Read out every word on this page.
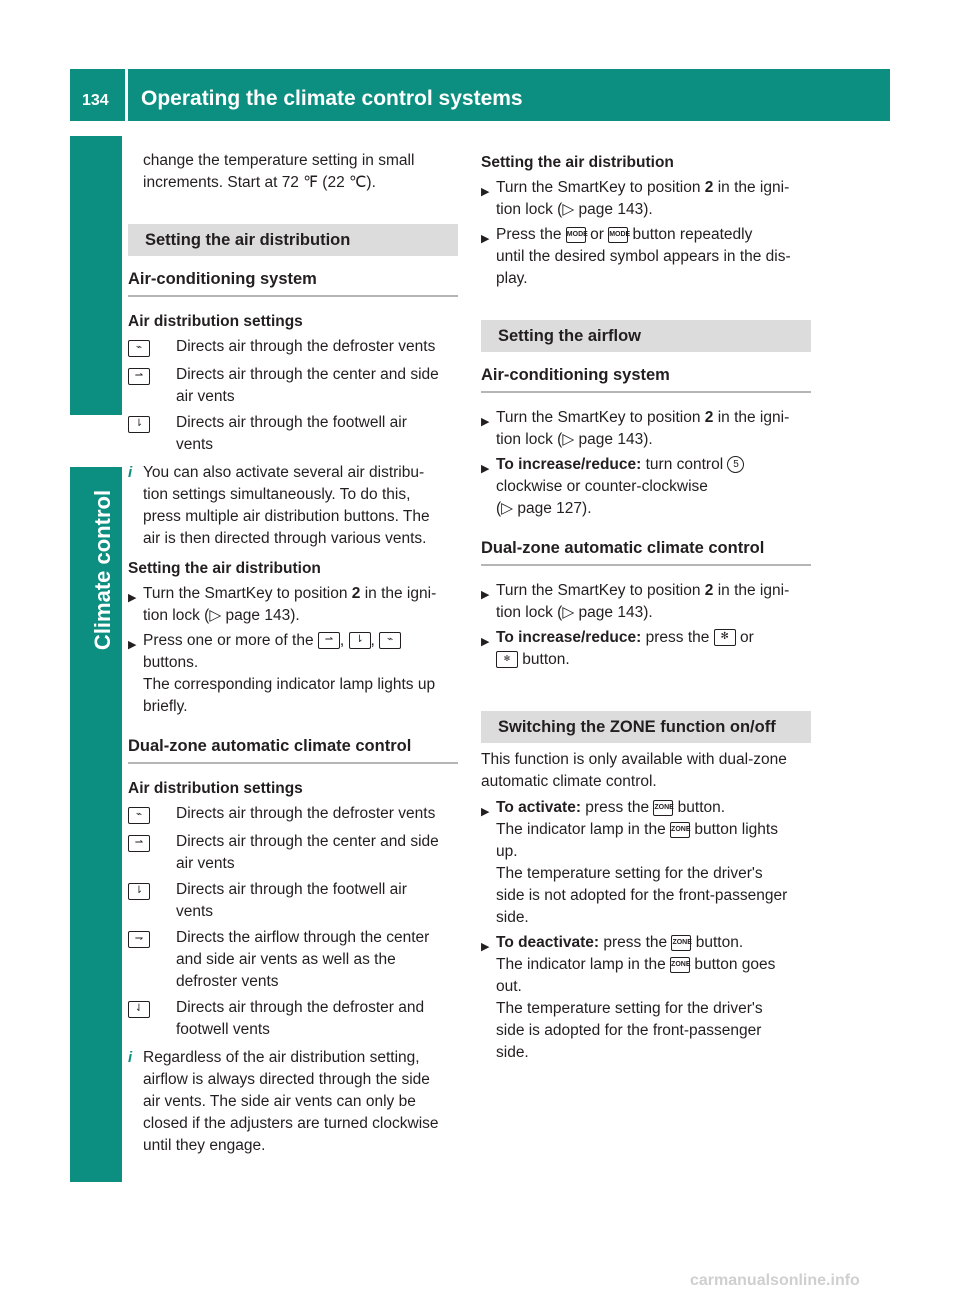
134 Operating the climate control systems
Climate control

change the temperature setting in small

increments. Start at 72 ℉ (22 ℃).

Setting the air distribution
Air-conditioning system
Air distribution settings
⌁	Directs air through the defroster vents

⇀	Directs air through the center and side

air vents

⇂	Directs air through the footwell air

vents

i You can also activate several air distribu-

tion settings simultaneously. To do this,

press multiple air distribution buttons. The

air is then directed through various vents.

Setting the air distribution
▶ Turn the SmartKey to position 2 in the igni-

tion lock (▷ page 143).

▶ Press one or more of the ⇀ , ⇂ , ⌁

buttons.

The corresponding indicator lamp lights up

briefly.

Dual-zone automatic climate control
Air distribution settings
⌁	Directs air through the defroster vents

⇀	Directs air through the center and side

air vents

⇂	Directs air through the footwell air

vents

⇁	Directs the airflow through the center

and side air vents as well as the

defroster vents

⇃	Directs air through the defroster and

footwell vents

i Regardless of the air distribution setting,

airflow is always directed through the side

air vents. The side air vents can only be

closed if the adjusters are turned clockwise

until they engage.

Setting the air distribution
▶ Turn the SmartKey to position 2 in the igni-

tion lock (▷ page 143).

▶ Press the MODE or MODE button repeatedly

until the desired symbol appears in the dis-

play.

Setting the airflow
Air-conditioning system
▶ Turn the SmartKey to position 2 in the igni-

tion lock (▷ page 143).

▶ To increase/reduce: turn control 5

clockwise or counter-clockwise

(▷ page 127).

Dual-zone automatic climate control
▶ Turn the SmartKey to position 2 in the igni-

tion lock (▷ page 143).

▶ To increase/reduce: press the ✻ or

✻ button.

Switching the ZONE function on/off

This function is only available with dual-zone

automatic climate control.

▶ To activate: press the ZONE button.

The indicator lamp in the ZONE button lights

up.

The temperature setting for the driver's

side is not adopted for the front-passenger

side.

▶ To deactivate: press the ZONE button.

The indicator lamp in the ZONE button goes

out.

The temperature setting for the driver's

side is adopted for the front-passenger

side.

carmanualsonline.info
